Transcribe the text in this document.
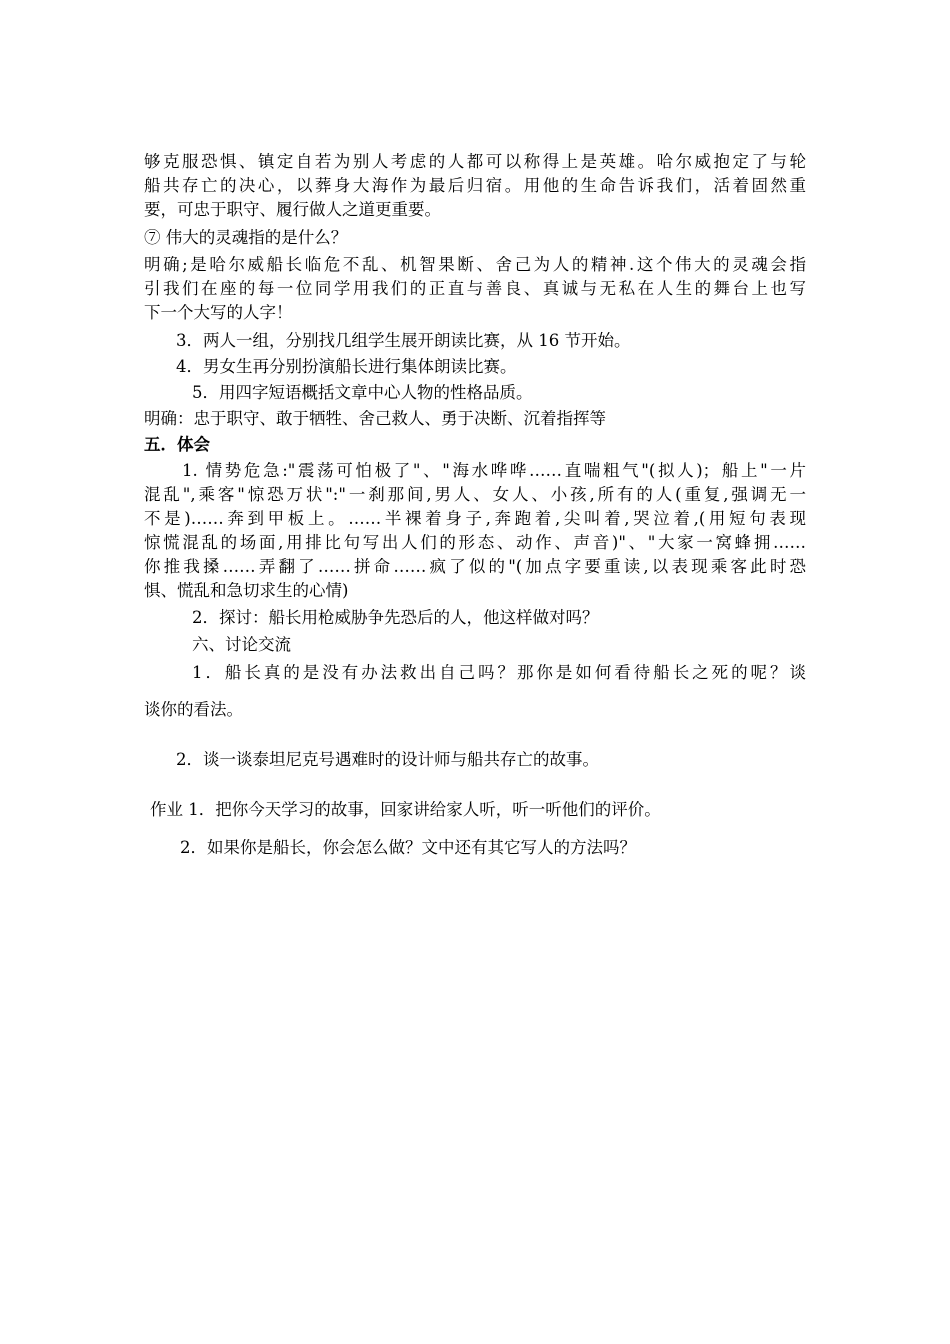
够克服恐惧、镇定自若为别人考虑的人都可以称得上是英雄。哈尔威抱定了与轮
船共存亡的决心，以葬身大海作为最后归宿。用他的生命告诉我们，活着固然重
要，可忠于职守、履行做人之道更重要。
⑦ 伟大的灵魂指的是什么？
明确;是哈尔威船长临危不乱、机智果断、舍己为人的精神.这个伟大的灵魂会指
引我们在座的每一位同学用我们的正直与善良、真诚与无私在人生的舞台上也写
下一个大写的人字！
3．两人一组，分别找几组学生展开朗读比赛，从 16 节开始。
4．男女生再分别扮演船长进行集体朗读比赛。
5．用四字短语概括文章中心人物的性格品质。
明确：忠于职守、敢于牺牲、舍己救人、勇于决断、沉着指挥等
五．体会
1. 情势危急:"震荡可怕极了"、"海水哗哗……直喘粗气"(拟人)；船上"一片
混乱",乘客"惊恐万状":"一刹那间,男人、女人、小孩,所有的人(重复,强调无一
不是)……奔到甲板上。……半裸着身子,奔跑着,尖叫着,哭泣着,(用短句表现
惊慌混乱的场面,用排比句写出人们的形态、动作、声音)"、"大家一窝蜂拥……
你推我搡……弄翻了……拼命……疯了似的"(加点字要重读,以表现乘客此时恐
惧、慌乱和急切求生的心情)
2．探讨：船长用枪威胁争先恐后的人，他这样做对吗？
六、讨论交流
1．船长真的是没有办法救出自己吗？那你是如何看待船长之死的呢？谈
谈你的看法。
2．谈一谈泰坦尼克号遇难时的设计师与船共存亡的故事。
作业 1．把你今天学习的故事，回家讲给家人听，听一听他们的评价。
2．如果你是船长，你会怎么做？文中还有其它写人的方法吗？
